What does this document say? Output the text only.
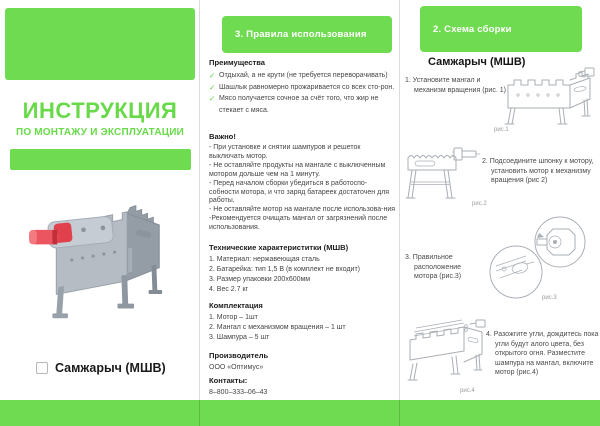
ИНСТРУКЦИЯ
ПО МОНТАЖУ И ЭКСПЛУАТАЦИИ
Самжарыч (МШВ)
3. Правила использования
Преимущества
✓ Отдыхай, а не крути (не требуется переворачивать)
✓ Шашлык равномерно прожаривается со всех сто-рон.
✓ Мясо получается сочное за счёт того, что жир не стекает с мяса.
Важно!
- При установке и снятии шампуров и решеток выключать мотор.
- Не оставляйте продукты на мангале с выключенным мотором дольше чем на 1 минуту.
- Перед началом сборки убедиться в работоспо-собности мотора, и что заряд батареек достаточен для работы.
- Не оставляйте мотор на мангале после использова-ния
-Рекомендуется очищать мангал от загрязнений после использования.
Технические характериститки (МШВ)
1. Материал: нержавеющая сталь
2. Батарейка: тип 1,5 В (в комплект не входит)
3. Размер упаковки 200х600мм
4. Вес 2.7 кг
Комплектация
1. Мотор – 1шт
2. Мангал с механизмом вращения – 1 шт
3. Шампура – 5 шт
Производитель
ООО «Оптимус»
Контакты:
8–800–333–06–43
2. Схема сборки
Самжарыч (МШВ)
1. Установите мангал и механизм вращения (рис. 1)
рис.1
рис.2
2. Подсоедините шпонку к мотору, установить мотор к механизму вращения (рис 2)
3. Правильное расположение мотора (рис.3)
рис.3
рис.4
4. Разожгите угли, дождитесь пока угли будут алого цвета, без открытого огня. Разместите шампура на мангал, включите мотор (рис.4)
